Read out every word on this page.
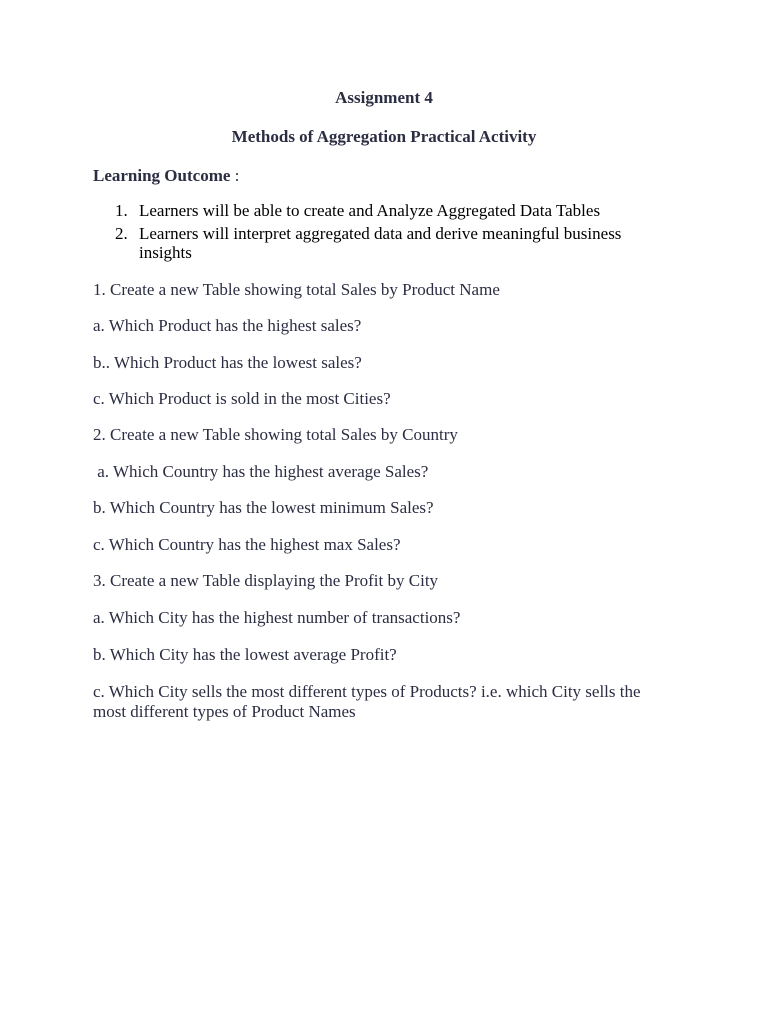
Assignment 4
Methods of Aggregation Practical Activity
Learning Outcome :
1. Learners will be able to create and Analyze Aggregated Data Tables
2. Learners will interpret aggregated data and derive meaningful business insights
1. Create a new Table showing total Sales by Product Name
a. Which Product has the highest sales?
b.. Which Product has the lowest sales?
c. Which Product is sold in the most Cities?
2. Create a new Table showing total Sales by Country
a. Which Country has the highest average Sales?
b. Which Country has the lowest minimum Sales?
c. Which Country has the highest max Sales?
3. Create a new Table displaying the Profit by City
a. Which City has the highest number of transactions?
b. Which City has the lowest average Profit?
c. Which City sells the most different types of Products? i.e. which City sells the most different types of Product Names
